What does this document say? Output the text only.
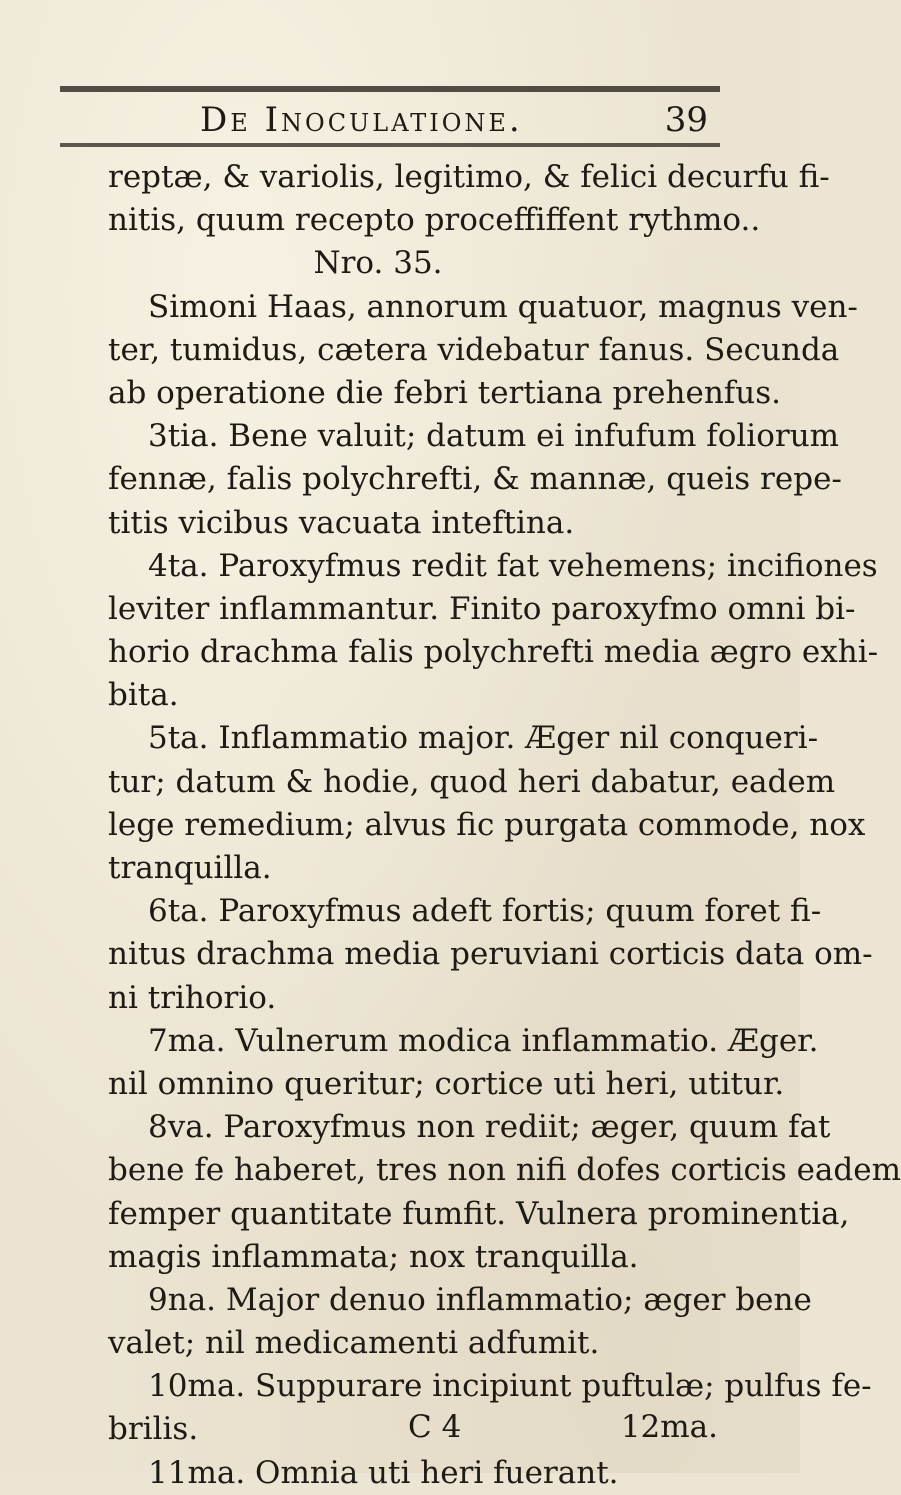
De Inoculatione.	39
reptæ, & variolis, legitimo, & felici decurfu fi-
nitis, quum recepto proceffiffent rythmo..
Nro. 35.
Simoni Haas, annorum quatuor, magnus ven-
ter, tumidus, cætera videbatur fanus. Secunda
ab operatione die febri tertiana prehenfus.
3tia. Bene valuit; datum ei infufum foliorum
fennæ, falis polychrefti, & mannæ, queis repe-
titis vicibus vacuata inteftina.
4ta. Paroxyfmus redit fat vehemens; incifiones
leviter inflammantur. Finito paroxyfmo omni bi-
horio drachma falis polychrefti media ægro exhi-
bita.
5ta. Inflammatio major. Æger nil conqueri-
tur; datum & hodie, quod heri dabatur, eadem
lege remedium; alvus fic purgata commode, nox
tranquilla.
6ta. Paroxyfmus adeft fortis; quum foret fi-
nitus drachma media peruviani corticis data om-
ni trihorio.
7ma. Vulnerum modica inflammatio. Æger.
nil omnino queritur; cortice uti heri, utitur.
8va. Paroxyfmus non rediit; æger, quum fat
bene fe haberet, tres non nifi dofes corticis eadem
femper quantitate fumfit. Vulnera prominentia,
magis inflammata; nox tranquilla.
9na. Major denuo inflammatio; æger bene
valet; nil medicamenti adfumit.
10ma. Suppurare incipiunt puftulæ; pulfus fe-
brilis.
11ma. Omnia uti heri fuerant.
C 4	12ma.
